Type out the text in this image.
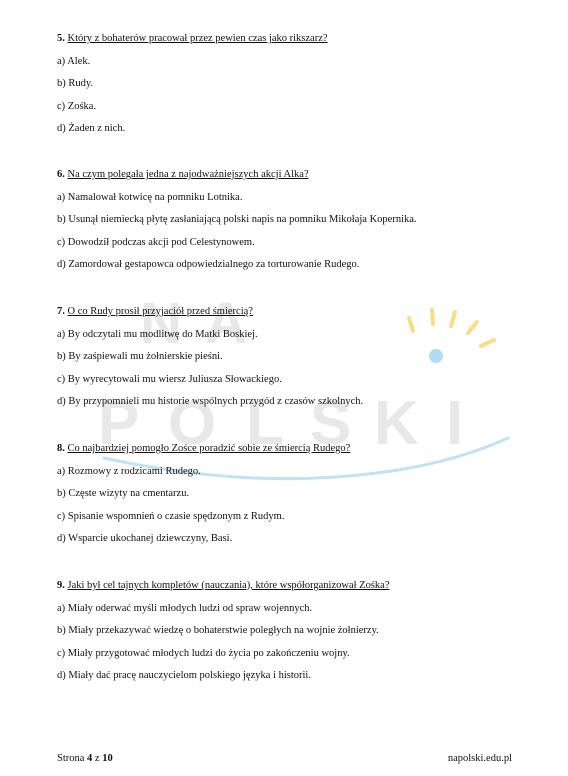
N A
P O L S K I

5. Który z bohaterów pracował przez pewien czas jako rikszarz?

a) Alek.

b) Rudy.

c) Zośka.

d) Żaden z nich.

6. Na czym polegała jedna z najodważniejszych akcji Alka?

a) Namalował kotwicę na pomniku Lotnika.

b) Usunął niemiecką płytę zasłaniającą polski napis na pomniku Mikołaja Kopernika.

c) Dowodził podczas akcji pod Celestynowem.

d) Zamordował gestapowca odpowiedzialnego za torturowanie Rudego.

7. O co Rudy prosił przyjaciół przed śmiercią?

a) By odczytali mu modlitwę do Matki Boskiej.

b) By zaśpiewali mu żołnierskie pieśni.

c) By wyrecytowali mu wiersz Juliusza Słowackiego.

d) By przypomnieli mu historie wspólnych przygód z czasów szkolnych.

8. Co najbardziej pomogło Zośce poradzić sobie ze śmiercią Rudego?

a) Rozmowy z rodzicami Rudego.

b) Częste wizyty na cmentarzu.

c) Spisanie wspomnień o czasie spędzonym z Rudym.

d) Wsparcie ukochanej dziewczyny, Basi.

9. Jaki był cel tajnych kompletów (nauczania), które współorganizował Zośka?

a) Miały oderwać myśli młodych ludzi od spraw wojennych.

b) Miały przekazywać wiedzę o bohaterstwie poległych na wojnie żołnierzy.

c) Miały przygotować młodych ludzi do życia po zakończeniu wojny.

d) Miały dać pracę nauczycielom polskiego języka i historii.

Strona 4 z 10	napolski.edu.pl
